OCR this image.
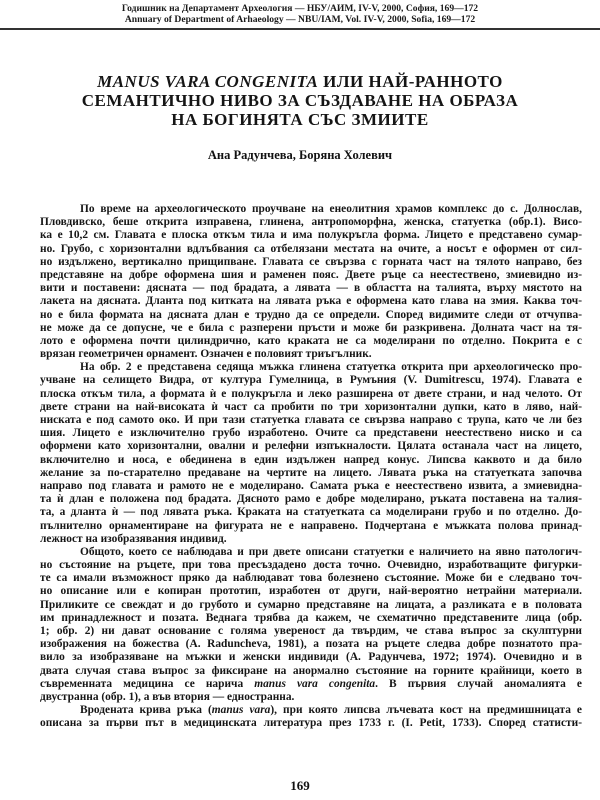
Годишник на Департамент Археология — НБУ/АИМ, IV-V, 2000, София, 169—172
Annuary of Department of Arhaeology — NBU/IAM, Vol. IV-V, 2000, Sofia, 169—172
MANUS VARA CONGENITA ИЛИ НАЙ-РАННОТО
СЕМАНТИЧНО НИВО ЗА СЪЗДАВАНЕ НА ОБРАЗА
НА БОГИНЯТА СЪС ЗМИИТЕ
Ана Радунчева, Боряна Холевич
По време на археологическото проучване на енеолитния храмов комплекс до с. Долнослав,
Пловдивско, беше открита изправена, глинена, антропоморфна, женска, статуетка (обр.1). Висо-
ка е 10,2 см. Главата е плоска откъм тила и има полукръгла форма. Лицето е представено сумар-
но. Грубо, с хоризонтални вдлъбвания са отбелязани местата на очите, а носът е оформен от сил-
но издължено, вертикално прищипване. Главата се свързва с горната част на тялото направо, без
представяне на добре оформена шия и раменен пояс. Двете ръце са неестествено, змиевидно из-
вити и поставени: дясната — под брадата, а лявата — в областта на талията, върху мястото на
лакета на дясната. Дланта под китката на лявата ръка е оформена като глава на змия. Каква точ-
но е била формата на дясната длан е трудно да се определи. Според видимите следи от отчупва-
не може да се допусне, че е била с разперени пръсти и може би разкривена. Долната част на тя-
лото е оформена почти цилиндрично, като краката не са моделирани по отделно. Покрита е с
врязан геометричен орнамент. Означен е половият триъгълник.
На обр. 2 е представена седяща мъжка глинена статуетка открита при археологическо про-
учване на селището Видра, от култура Гумелница, в Румъния (V. Dumitrescu, 1974). Главата е
плоска откъм тила, а формата ѝ е полукръгла и леко разширена от двете страни, и над челото. От
двете страни на най-високата ѝ част са пробити по три хоризонтални дупки, като в ляво, най-
ниската е под самото око. И при тази статуетка главата се свързва направо с трупа, като че ли без
шия. Лицето е изключително грубо изработено. Очите са представени неестествено ниско и са
оформени като хоризонтални, овални и релефни изпъкналости. Цялата останала част на лицето,
включително и носа, е обединена в един издължен напред конус. Липсва каквото и да било
желание за по-старателно предаване на чертите на лицето. Лявата ръка на статуетката започва
направо под главата и рамото не е моделирано. Самата ръка е неестествено извита, а змиевидна-
та ѝ длан е положена под брадата. Дясното рамо е добре моделирано, ръката поставена на талия-
та, а дланта ѝ — под лявата ръка. Краката на статуетката са моделирани грубо и по отделно. До-
пълнително орнаментиране на фигурата не е направено. Подчертана е мъжката полова принад-
лежност на изобразявания индивид.
Общото, което се наблюдава и при двете описани статуетки е наличието на явно патологич-
но състояние на ръцете, при това пресъздадено доста точно. Очевидно, изработващите фигурки-
те са имали възможност пряко да наблюдават това болезнено състояние. Може би е следвано точ-
но описание или е копиран прототип, изработен от други, най-вероятно нетрайни материали.
Приликите се свеждат и до грубото и сумарно представяне на лицата, а разликата е в половата
им принадлежност и позата. Веднага трябва да кажем, че схематично представените лица (обр.
1; обр. 2) ни дават основание с голяма увереност да твърдим, че става въпрос за скулптурни
изображения на божества (A. Raduncheva, 1981), а позата на ръцете следва добре познатото пра-
вило за изобразяване на мъжки и женски индивиди (А. Радунчева, 1972; 1974). Очевидно и в
двата случая става въпрос за фиксиране на анормално състояние на горните крайници, което в
съвременната медицина се нарича manus vara congenita. В първия случай аномалията е
двустранна (обр. 1), а във втория — едностранна.
Вродената крива ръка (manus vara), при която липсва лъчевата кост на предмишницата е
описана за първи път в медицинската литература през 1733 г. (I. Petit, 1733). Според статисти-
169
